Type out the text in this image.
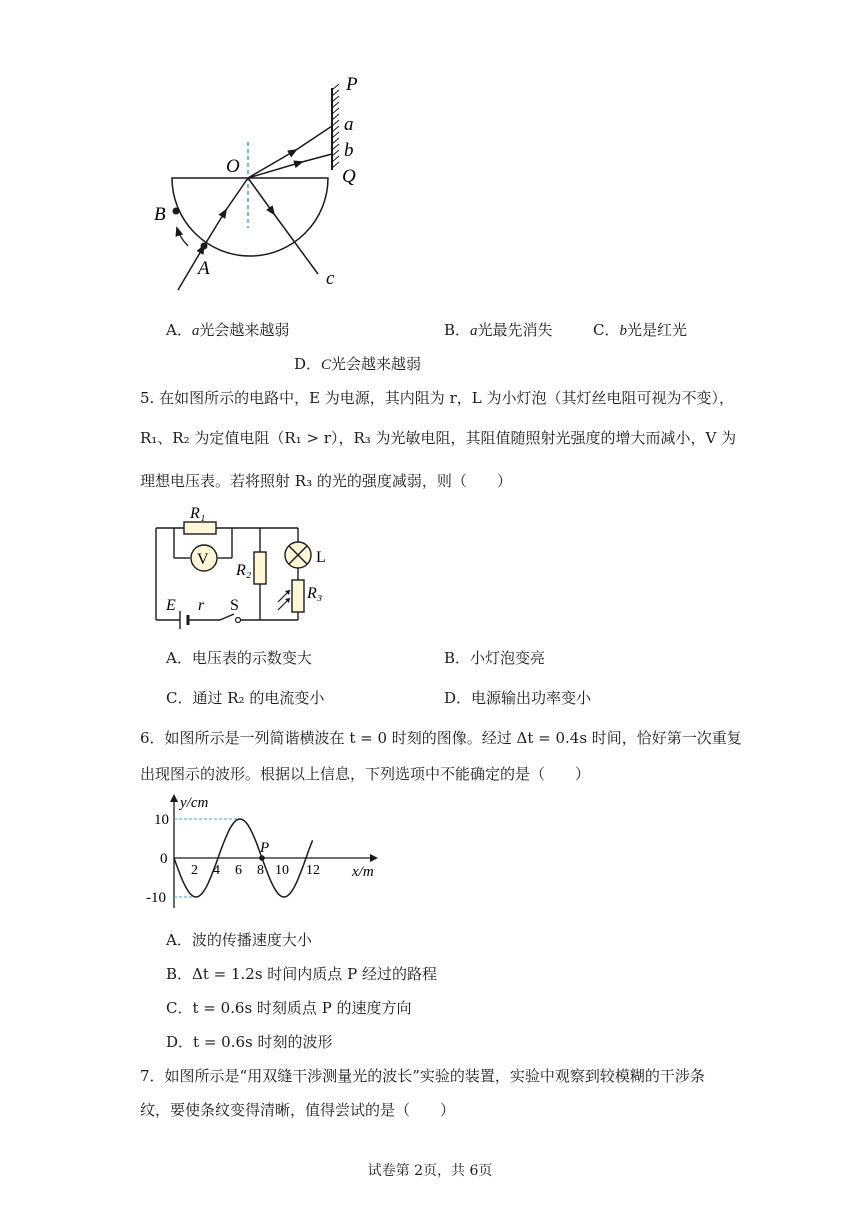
P
a
b
O	Q
B
A	c
A．a光会越来越弱	B．a光最先消失	C．b光是红光
D．C光会越来越弱
5. 在如图所示的电路中，E 为电源，其内阻为 r，L 为小灯泡（其灯丝电阻可视为不变），
R₁、R₂ 为定值电阻（R₁ > r），R₃ 为光敏电阻，其阻值随照射光强度的增大而减小，V 为
理想电压表。若将照射 R₃ 的光的强度减弱，则（　　）
V
R₁
R₂
L
R₃
E r S
A．电压表的示数变大	B．小灯泡变亮
C．通过 R₂ 的电流变小	D．电源输出功率变小
6．如图所示是一列简谐横波在 t = 0 时刻的图像。经过 Δt = 0.4s 时间，恰好第一次重复
出现图示的波形。根据以上信息，下列选项中不能确定的是（　　）
P
y/cm
x/m
10
0
-10
2 4 6 8 10 12
A．波的传播速度大小
B．Δt = 1.2s 时间内质点 P 经过的路程
C．t = 0.6s 时刻质点 P 的速度方向
D．t = 0.6s 时刻的波形
7．如图所示是“用双缝干涉测量光的波长”实验的装置，实验中观察到较模糊的干涉条
纹，要使条纹变得清晰，值得尝试的是（　　）
试卷第 2页，共 6页
